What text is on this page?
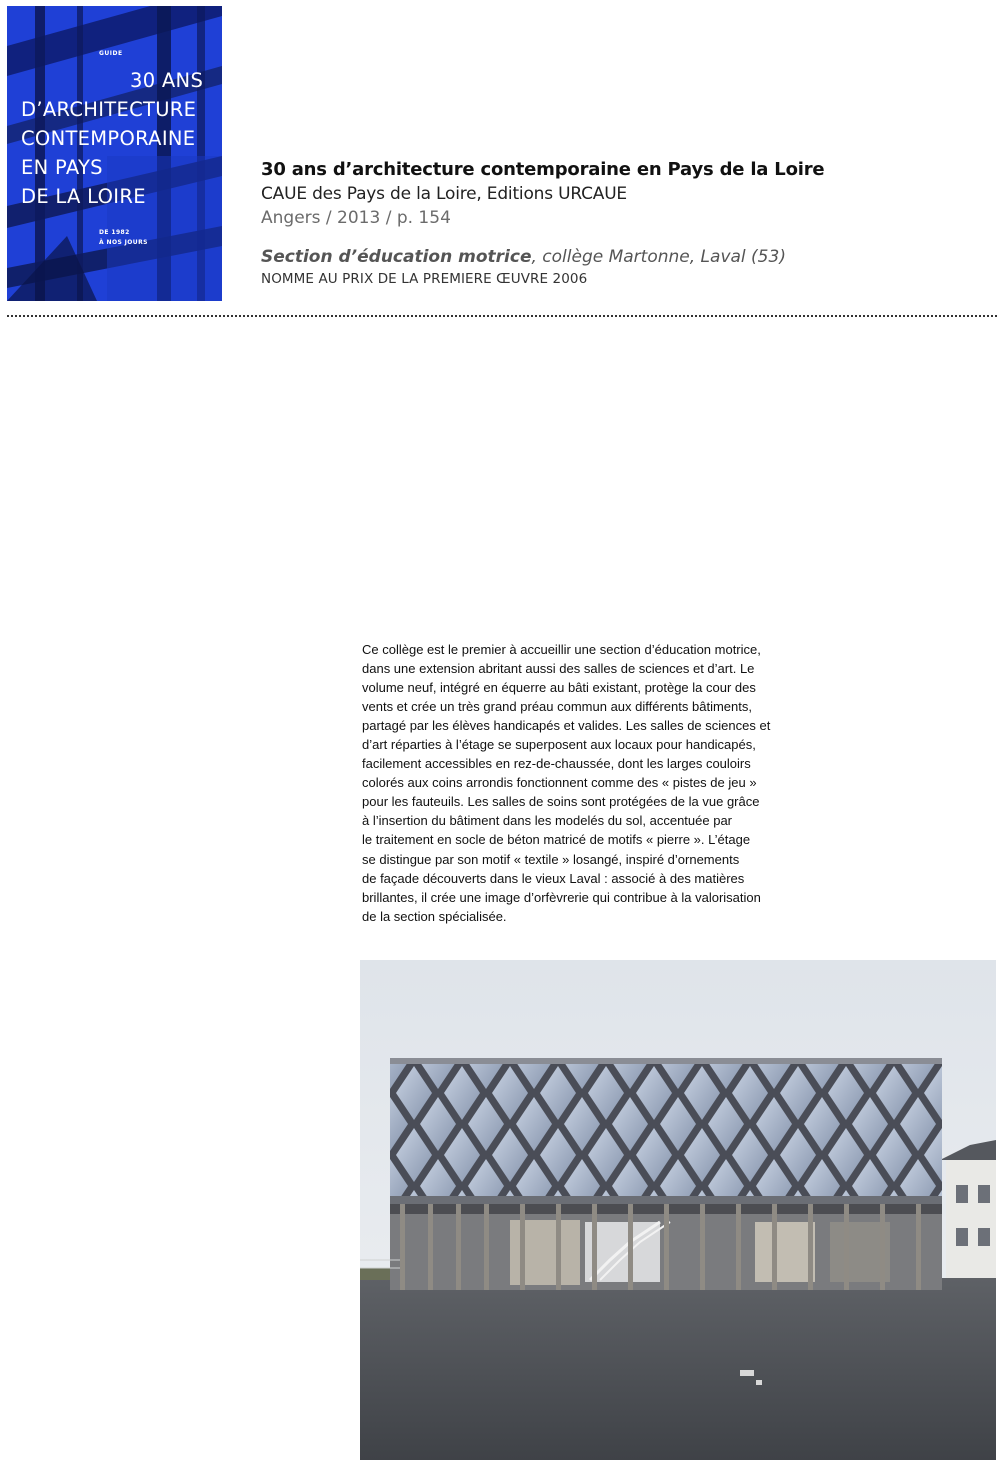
GUIDE
30 ANS
D’ARCHITECTURE
CONTEMPORAINE
EN PAYS
DE LA LOIRE
DE 1982
À NOS JOURS
30 ans d’architecture contemporaine en Pays de la Loire
CAUE des Pays de la Loire, Editions URCAUE
Angers / 2013 / p. 154
Section d’éducation motrice, collège Martonne, Laval (53)
NOMME AU PRIX DE LA PREMIERE ŒUVRE 2006
Ce collège est le premier à accueillir une section d’éducation motrice,
dans une extension abritant aussi des salles de sciences et d’art. Le
volume neuf, intégré en équerre au bâti existant, protège la cour des
vents et crée un très grand préau commun aux différents bâtiments,
partagé par les élèves handicapés et valides. Les salles de sciences et
d’art réparties à l’étage se superposent aux locaux pour handicapés,
facilement accessibles en rez-de-chaussée, dont les larges couloirs
colorés aux coins arrondis fonctionnent comme des « pistes de jeu »
pour les fauteuils. Les salles de soins sont protégées de la vue grâce
à l’insertion du bâtiment dans les modelés du sol, accentuée par
le traitement en socle de béton matricé de motifs « pierre ». L’étage
se distingue par son motif « textile » losangé, inspiré d’ornements
de façade découverts dans le vieux Laval : associé à des matières
brillantes, il crée une image d’orfèvrerie qui contribue à la valorisation
de la section spécialisée.
